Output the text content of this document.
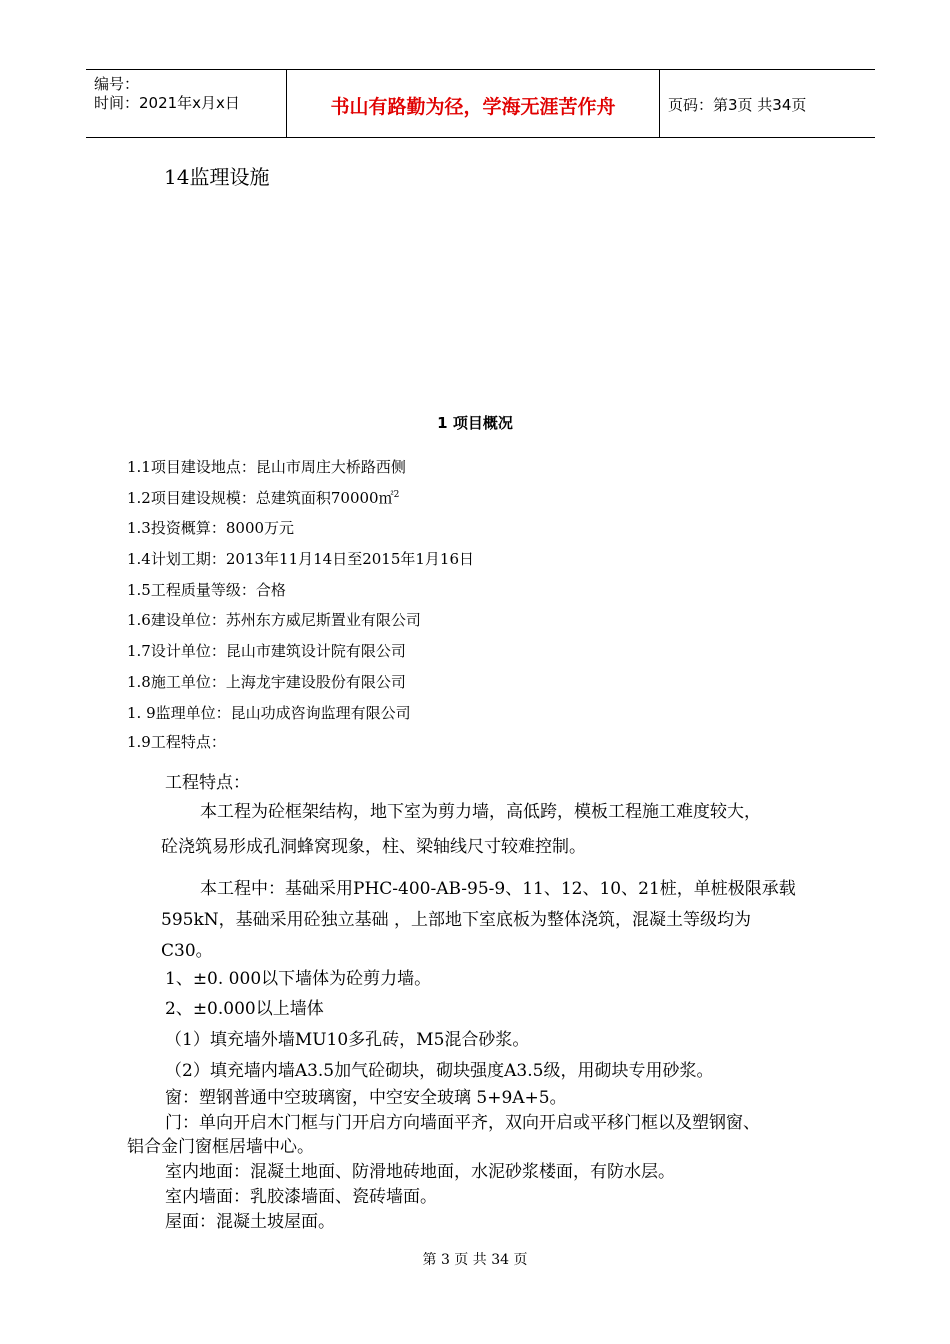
编号：
时间：2021年x月x日	书山有路勤为径，学海无涯苦作舟	页码：第3页 共34页
14监理设施
1 项目概况
1.1项目建设地点：昆山市周庄大桥路西侧
1.2项目建设规模：总建筑面积70000㎡$^2$
1.3投资概算：8000万元
1.4计划工期：2013年11月14日至2015年1月16日
1.5工程质量等级：合格
1.6建设单位：苏州东方威尼斯置业有限公司
1.7设计单位：昆山市建筑设计院有限公司
1.8施工单位：上海龙宇建设股份有限公司
1. 9监理单位：昆山功成咨询监理有限公司
1.9工程特点：
工程特点：
本工程为砼框架结构，地下室为剪力墙，高低跨，模板工程施工难度较大，
砼浇筑易形成孔洞蜂窝现象，柱、梁轴线尺寸较难控制。
本工程中：基础采用PHC-400-AB-95-9、11、12、10、21桩，单桩极限承载
595kN，基础采用砼独立基础 ，上部地下室底板为整体浇筑，混凝土等级均为
C30。
1、±0. 000以下墙体为砼剪力墙。
2、±0.000以上墙体
（1）填充墙外墙MU10多孔砖，M5混合砂浆。
（2）填充墙内墙A3.5加气砼砌块，砌块强度A3.5级，用砌块专用砂浆。
窗：塑钢普通中空玻璃窗，中空安全玻璃 5+9A+5。
门：单向开启木门框与门开启方向墙面平齐，双向开启或平移门框以及塑钢窗、
铝合金门窗框居墙中心。
室内地面：混凝土地面、防滑地砖地面，水泥砂浆楼面，有防水层。
室内墙面：乳胶漆墙面、瓷砖墙面。
屋面：混凝土坡屋面。
第 3 页 共 34 页
